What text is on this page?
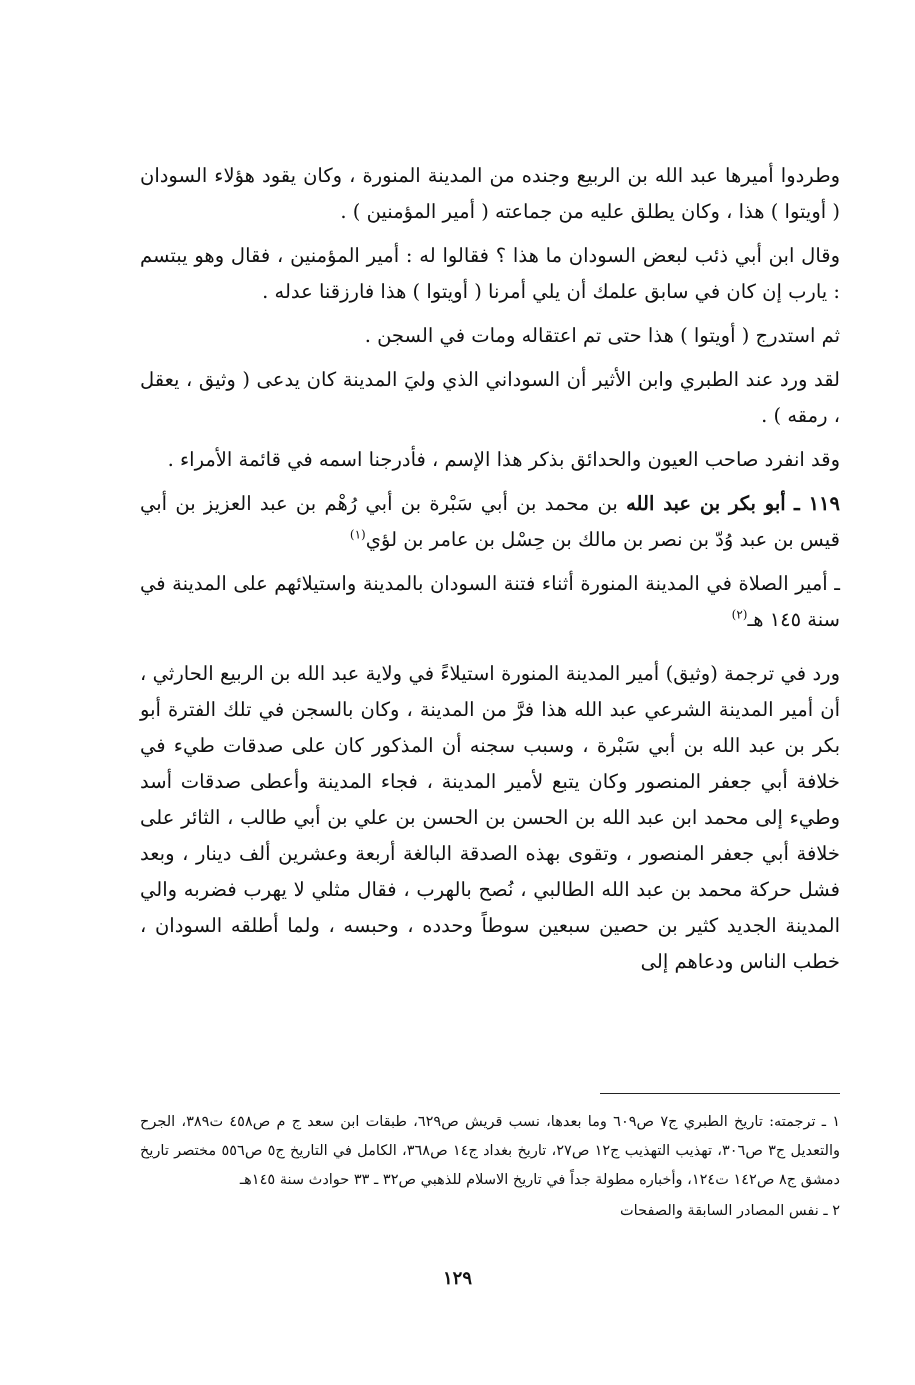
وطردوا أميرها عبد الله بن الربيع وجنده من المدينة المنورة ، وكان يقود هؤلاء السودان ( أويتوا ) هذا ، وكان يطلق عليه من جماعته ( أمير المؤمنين ) .

وقال ابن أبي ذئب لبعض السودان ما هذا ؟ فقالوا له : أمير المؤمنين ، فقال وهو يبتسم : يارب إن كان في سابق علمك أن يلي أمرنا ( أويتوا ) هذا فارزقنا عدله .

ثم استدرج ( أويتوا ) هذا حتى تم اعتقاله ومات في السجن .

لقد ورد عند الطبري وابن الأثير أن السوداني الذي وليَ المدينة كان يدعى ( وثيق ، يعقل ، رمقه ) .

وقد انفرد صاحب العيون والحدائق بذكر هذا الإسم ، فأدرجنا اسمه في قائمة الأمراء .

١١٩ ـ أبو بكر بن عبد الله بن محمد بن أبي سَبْرة بن أبي رُهْم بن عبد العزيز بن أبي قيس بن عبد وُدّ بن نصر بن مالك بن حِسْل بن عامر بن لؤي$^{(١)}$

ـ أمير الصلاة في المدينة المنورة أثناء فتنة السودان بالمدينة واستيلائهم على المدينة في سنة ١٤٥ هـ$^{(٢)}$

ورد في ترجمة (وثيق) أمير المدينة المنورة استيلاءً في ولاية عبد الله بن الربيع الحارثي ، أن أمير المدينة الشرعي عبد الله هذا فرَّ من المدينة ، وكان بالسجن في تلك الفترة أبو بكر بن عبد الله بن أبي سَبْرة ، وسبب سجنه أن المذكور كان على صدقات طيء في خلافة أبي جعفر المنصور وكان يتبع لأمير المدينة ، فجاء المدينة وأعطى صدقات أسد وطيء إلى محمد ابن عبد الله بن الحسن بن الحسن بن علي بن أبي طالب ، الثائر على خلافة أبي جعفر المنصور ، وتقوى بهذه الصدقة البالغة أربعة وعشرين ألف دينار ، وبعد فشل حركة محمد بن عبد الله الطالبي ، نُصح بالهرب ، فقال مثلي لا يهرب فضربه والي المدينة الجديد كثير بن حصين سبعين سوطاً وحدده ، وحبسه ، ولما أطلقه السودان ، خطب الناس ودعاهم إلى

١ ـ ترجمته: تاريخ الطبري ج٧ ص٦٠٩ وما بعدها، نسب قريش ص٦٢٩، طبقات ابن سعد ج م ص٤٥٨ ت٣٨٩، الجرح والتعديل ج٣ ص٣٠٦، تهذيب التهذيب ج١٢ ص٢٧، تاريخ بغداد ج١٤ ص٣٦٨، الكامل في التاريخ ج٥ ص٥٥٦ مختصر تاريخ دمشق ج٨ ص١٤٢ ت١٢٤، وأخباره مطولة جداً في تاريخ الاسلام للذهبي ص٣٢ ـ ٣٣ حوادث سنة ١٤٥هـ

٢ ـ نفس المصادر السابقة والصفحات

١٢٩
